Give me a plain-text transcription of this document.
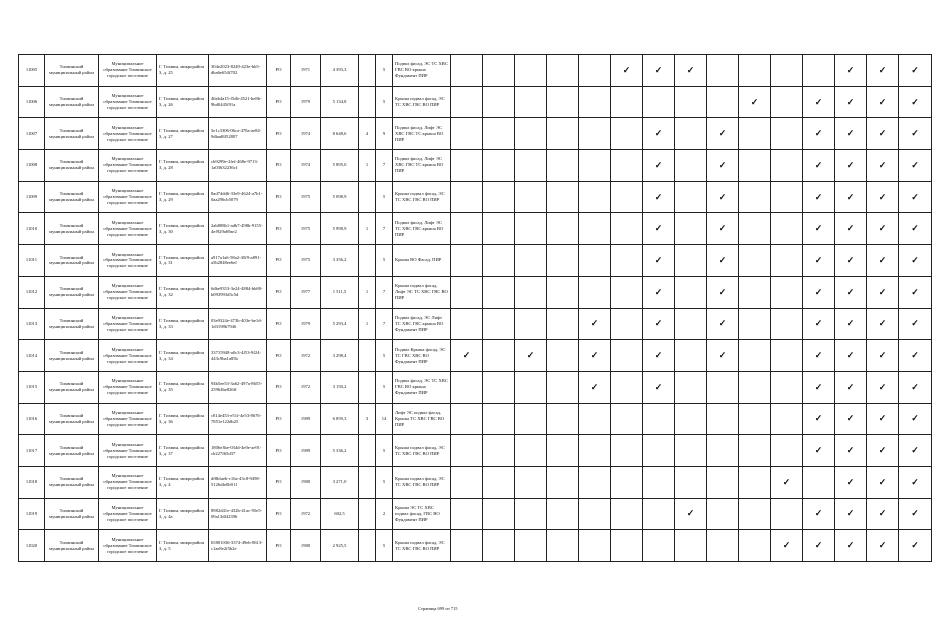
11005	Тихвинский муниципальный район	Муниципальное образование Тихвинское городское поселение	Г. Тихвин, микрорайон 3, д. 25	304e2023-8249-423e-bb5-dba6e654f702	РО	1971	4 393,3		5	Подвал фасад, ЭС ТС ХВС ГВС ВО крыша Фундамент ПИР						✓	✓	✓					✓	✓	✓
11006	Тихвинский муниципальный район	Муниципальное образование Тихвинское городское поселение	Г. Тихвин, микрорайон 3, д. 26	46eb4a15-f5db-4521-be8b-9bd0445f91a	РО	1979	5 134,8		5	Крыша подвал фасад, ЭС ТС ХВС ГВС ВО ПИР										✓		✓	✓	✓	✓
11007	Тихвинский муниципальный район	Муниципальное образование Тихвинское городское поселение	Г. Тихвин, микрорайон 3, д. 27	5e1c3306-06ca-470a-ae84-9dbad8f52807	РО	1974	8 648,6	4	9	Подвал фасад, Лифт ЭС ХВС ГВС ТС крыша ВО ПИР							✓		✓			✓	✓	✓	✓
11008	Тихвинский муниципальный район	Муниципальное образование Тихвинское городское поселение	Г. Тихвин, микрорайон 3, д. 28	cb9299e-2fef-468e-9713-1a03632236cf	РО	1974	5 895,0	1	7	Подвал фасад, Лифт ЭС ХВС ГВС ТС крыша ВО ПИР							✓		✓			✓	✓	✓	✓
11009	Тихвинский муниципальный район	Муниципальное образование Тихвинское городское поселение	Г. Тихвин, микрорайон 3, д. 29	8ad74dd6-33e9-4624-a7b1-0aa296cb5079	РО	1975	5 098,9		5	Крыша подвал фасад, ЭС ТС ХВС ГВС ВО ПИР							✓		✓			✓	✓	✓	✓
11010	Тихвинский муниципальный район	Муниципальное образование Тихвинское городское поселение	Г. Тихвин, микрорайон 3, д. 30	2ab808b1-adb7-498b-9155-4ef929a69ae2	РО	1975	5 998,9	1	7	Подвал фасад, Лифт ЭС ТС ХВС ГВС крыша ВО ПИР							✓		✓			✓	✓	✓	✓
11011	Тихвинский муниципальный район	Муниципальное образование Тихвинское городское поселение	Г. Тихвин, микрорайон 3, д. 31	a917a1a6-58a2-45f9-a891-a5b2848ee6ef	РО	1975	3 356,2		5	Крыша ВО Фасад, ПИР							✓		✓			✓	✓	✓	✓
11012	Тихвинский муниципальный район	Муниципальное образование Тихвинское городское поселение	Г. Тихвин, микрорайон 3, д. 32	6dbe9353-3e24-4884-bb80-b093993d3c5d	РО	1977	1 511,5	1	7	Крыша подвал фасад, Лифт ЭС ТС ХВС ГВС ВО ПИР							✓		✓			✓	✓	✓	✓
11013	Тихвинский муниципальный район	Муниципальное образование Тихвинское городское поселение	Г. Тихвин, микрорайон 3, д. 33	03e9324e-473b-403e-be1d-1d3198b7946	РО	1979	5 293,4	1	7	Подвал фасад, ЭС Лифт ТС ХВС ГВС крыша ВО Фундамент ПИР					✓		✓		✓			✓	✓	✓	✓
11014	Тихвинский муниципальный район	Муниципальное образование Тихвинское городское поселение	Г. Тихвин, микрорайон 3, д. 34	33715948-a0c3-4f53-9f24-443c9ba1a85b	РО	1972	3 298,4		5	Подвал Крыша фасад, ЭС ТС ГВС ХВС ВО Фундамент ПИР	✓		✓		✓		✓		✓			✓	✓	✓	✓
11015	Тихвинский муниципальный район	Муниципальное образование Тихвинское городское поселение	Г. Тихвин, микрорайон 3, д. 35	94b5ee53-3a62-497a-8655-25964be826ff	РО	1972	3 150,2		5	Подвал фасад, ЭС ТС ХВС ГВС ВО крыша Фундамент ПИР					✓		✓					✓	✓	✓	✓
11016	Тихвинский муниципальный район	Муниципальное образование Тихвинское городское поселение	Г. Тихвин, микрорайон 3, д. 36	c814e453-e51f-4e53-8676-7851e122db25	РО	1989	6 859,3	3	14	Лифт ЭС подвал фасад, Крыша ТС ХВС ГВС ВО ПИР												✓	✓	✓	✓
11017	Тихвинский муниципальный район	Муниципальное образование Тихвинское городское поселение	Г. Тихвин, микрорайон 3, д. 37	1806e3be-034d-4e0e-ae91-cb227f65d37	РО	1989	5 336,2		5	Крыша подвал фасад, ЭС ТС ХВС ГВС ВО ПИР												✓	✓	✓	✓
11018	Тихвинский муниципальный район	Муниципальное образование Тихвинское городское поселение	Г. Тихвин, микрорайон 3, д. 4	df8bfaeb-c16a-43c8-9498-5126dfe0b911	РО	1980	3 271,0		5	Крыша подвал фасад, ЭС ТС ХВС ГВС ВО ПИР											✓		✓	✓	✓
11019	Тихвинский муниципальный район	Муниципальное образование Тихвинское городское поселение	Г. Тихвин, микрорайон 3, д. 4а	8982d41e-432b-41ac-95e5-09a13dl42396	РО	1972	692,5		2	Крыша ЭС ТС ХВС подвал фасад, ГВС ВО Фундамент ПИР								✓				✓	✓	✓	✓
11020	Тихвинский муниципальный район	Муниципальное образование Тихвинское городское поселение	Г. Тихвин, микрорайон 3, д. 5	65801036-3374-49eb-8613-c1ae8e2f5b2e	РО	1980	2 925,5		5	Крыша подвал фасад, ЭС ТС ХВС ГВС ВО ПИР											✓	✓	✓	✓	✓
Страница 699 из 715
